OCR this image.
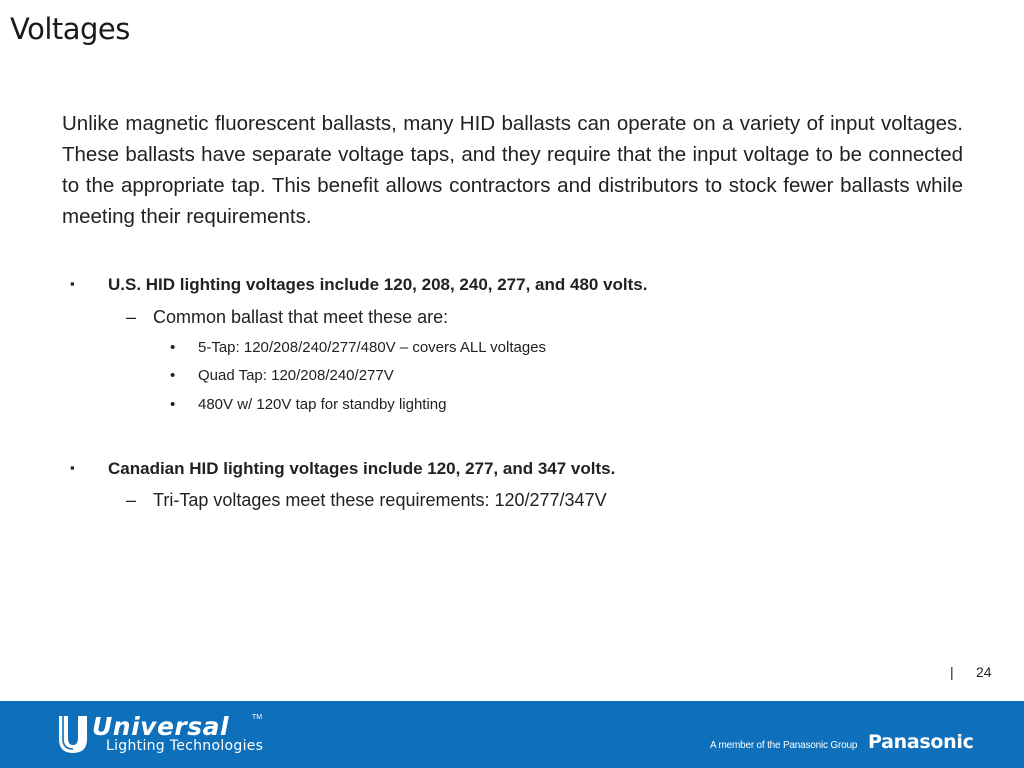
Voltages

Unlike magnetic fluorescent ballasts, many HID ballasts can operate on a variety of input voltages. These ballasts have separate voltage taps, and they require that the input voltage to be connected to the appropriate tap. This benefit allows contractors and distributors to stock fewer ballasts while meeting their requirements.

▪ U.S. HID lighting voltages include 120, 208, 240, 277, and 480 volts.
– Common ballast that meet these are:
• 5-Tap: 120/208/240/277/480V – covers ALL voltages
• Quad Tap: 120/208/240/277V
• 480V w/ 120V tap for standby lighting
▪ Canadian HID lighting voltages include 120, 277, and 347 volts.
– Tri-Tap voltages meet these requirements: 120/277/347V
| 24
Universal	TM
Lighting Technologies	A member of the Panasonic Group Panasonic
